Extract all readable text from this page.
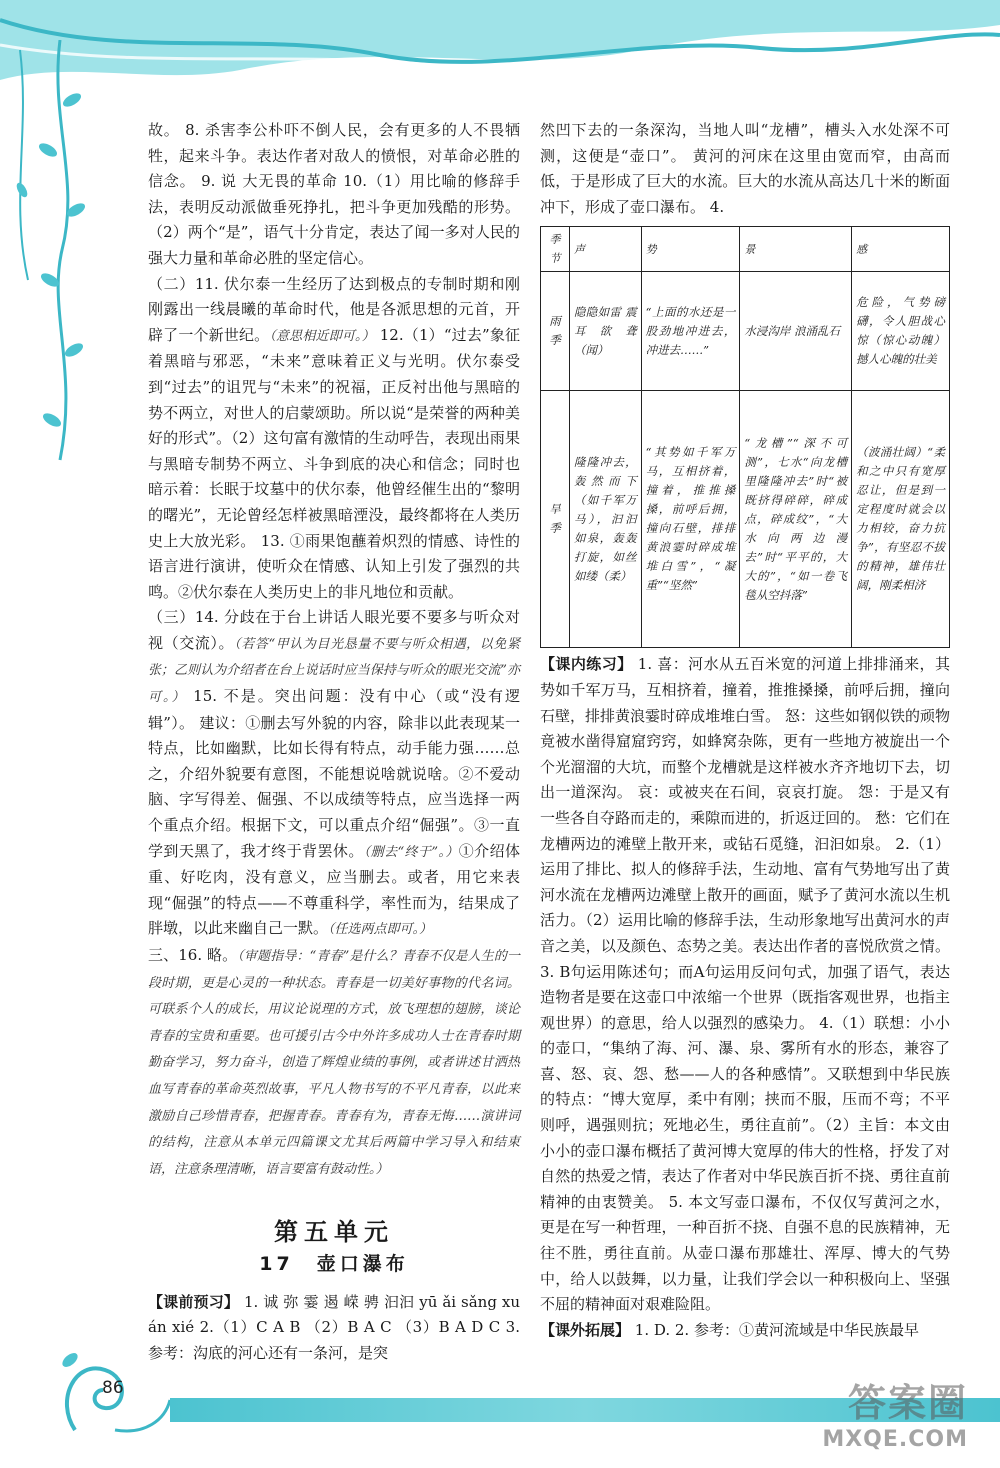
故。 8. 杀害李公朴吓不倒人民，会有更多的人不畏牺牲，起来斗争。表达作者对敌人的愤恨，对革命必胜的信念。 9. 说 大无畏的革命 10.（1）用比喻的修辞手法，表明反动派做垂死挣扎，把斗争更加残酷的形势。（2）两个“是”，语气十分肯定，表达了闻一多对人民的强大力量和革命必胜的坚定信心。

（二）11. 伏尔泰一生经历了达到极点的专制时期和刚刚露出一线晨曦的革命时代，他是各派思想的元首，开辟了一个新世纪。（意思相近即可。） 12.（1）“过去”象征着黑暗与邪恶，“未来”意味着正义与光明。伏尔泰受到“过去”的诅咒与“未来”的祝福，正反衬出他与黑暗的势不两立，对世人的启蒙颂助。所以说“是荣誉的两种美好的形式”。（2）这句富有激情的生动呼告，表现出雨果与黑暗专制势不两立、斗争到底的决心和信念；同时也暗示着：长眠于坟墓中的伏尔泰，他曾经催生出的“黎明的曙光”，无论曾经怎样被黑暗湮没，最终都将在人类历史上大放光彩。 13. ①雨果饱蘸着炽烈的情感、诗性的语言进行演讲，使听众在情感、认知上引发了强烈的共鸣。②伏尔泰在人类历史上的非凡地位和贡献。

（三）14. 分歧在于台上讲话人眼光要不要多与听众对视（交流）。（若答“甲认为目光恳量不要与听众相遇，以免紧张；乙则认为介绍者在台上说话时应当保持与听众的眼光交流”亦可。） 15. 不是。突出问题：没有中心（或“没有逻辑”）。 建议：①删去写外貌的内容，除非以此表现某一特点，比如幽默，比如长得有特点，动手能力强……总之，介绍外貌要有意图，不能想说啥就说啥。②不爱动脑、字写得差、倔强、不以成绩等特点，应当选择一两个重点介绍。根据下文，可以重点介绍“倔强”。③一直学到天黑了，我才终于背罢休。（删去“终于”。）①介绍体重、好吃肉，没有意义，应当删去。或者，用它来表现“倔强”的特点——不尊重科学，率性而为，结果成了胖墩，以此来幽自己一默。（任选两点即可。）

三、16. 略。（审题指导：“青春”是什么？青春不仅是人生的一段时期，更是心灵的一种状态。青春是一切美好事物的代名词。可联系个人的成长，用议论说理的方式，放飞理想的翅膀，谈论青春的宝贵和重要。也可援引古今中外许多成功人士在青春时期勤奋学习，努力奋斗，创造了辉煌业绩的事例，或者讲述甘洒热血写青春的革命英烈故事，平凡人物书写的不平凡青春，以此来激励自己珍惜青春，把握青春。青春有为，青春无悔……演讲词的结构，注意从本单元四篇课文尤其后两篇中学习导入和结束语，注意条理清晰，语言要富有鼓动性。）

第五单元
17　壶口瀑布

【课前预习】 1. 诚 弥 霎 遏 嵘 骋 汩汩 yū ǎi sǎng xuán xié 2.（1）C A B （2）B A C （3）B A D C 3. 参考：沟底的河心还有一条河，是突

然凹下去的一条深沟，当地人叫“龙槽”，槽头入水处深不可测，这便是“壶口”。 黄河的河床在这里由宽而窄，由高而低，于是形成了巨大的水流。巨大的水流从高达几十米的断面冲下，形成了壶口瀑布。 4.

季节	声	势	景	感
雨季	隐隐如雷 震耳欲聋 （闻）	“上面的水还是一股劲地冲进去，冲进去……”	水浸沟岸 浪涌乱石	危险，气势磅礴，令人胆战心惊（惊心动魄）撼人心魄的壮美
旱季	隆隆冲去，轰然而下（如千军万马），汩汩如泉，轰轰打旋，如丝如缕（柔）	“其势如千军万马，互相挤着，撞着，推推搡搡，前呼后拥，撞向石壁，排排黄浪霎时碎成堆堆白雪”，“凝重”“坚然”	“龙槽”“深不可测”，七水“向龙槽里隆隆冲去”时“被既挤得碎碎，碎成点，碎成纹”，“大水向两边漫去”时“平平的，大大的”，“如一卷飞毯从空抖落”	（波涌壮阔）“柔和之中只有宽厚忍让，但是到一定程度时就会以力相较，奋力抗争”，有坚忍不拔的精神，雄伟壮阔，刚柔相济

【课内练习】 1. 喜：河水从五百米宽的河道上排排涌来，其势如千军万马，互相挤着，撞着，推推搡搡，前呼后拥，撞向石壁，排排黄浪霎时碎成堆堆白雪。 怒：这些如钢似铁的顽物竟被水凿得窟窟窍窍，如蜂窝杂陈，更有一些地方被旋出一个个光溜溜的大坑，而整个龙槽就是这样被水齐齐地切下去，切出一道深沟。 哀：或被夹在石间，哀哀打旋。 怨：于是又有一些各自夺路而走的，乘隙而进的，折返迂回的。 愁：它们在龙槽两边的滩壁上散开来，或钻石觅缝，汩汩如泉。 2.（1）运用了排比、拟人的修辞手法，生动地、富有气势地写出了黄河水流在龙槽两边滩壁上散开的画面，赋予了黄河水流以生机活力。（2）运用比喻的修辞手法，生动形象地写出黄河水的声音之美，以及颜色、态势之美。表达出作者的喜悦欣赏之情。 3. B句运用陈述句；而A句运用反问句式，加强了语气，表达造物者是要在这壶口中浓缩一个世界（既指客观世界，也指主观世界）的意思，给人以强烈的感染力。 4.（1）联想：小小的壶口，“集纳了海、河、瀑、泉、雾所有水的形态，兼容了喜、怒、哀、怨、愁——人的各种感情”。又联想到中华民族的特点：“博大宽厚，柔中有刚；挟而不服，压而不弯；不平则呼，遇强则抗；死地必生，勇往直前”。（2）主旨：本文由小小的壶口瀑布概括了黄河博大宽厚的伟大的性格，抒发了对自然的热爱之情，表达了作者对中华民族百折不挠、勇往直前精神的由衷赞美。 5. 本文写壶口瀑布，不仅仅写黄河之水，更是在写一种哲理，一种百折不挠、自强不息的民族精神，无往不胜，勇往直前。从壶口瀑布那雄壮、浑厚、博大的气势中，给人以鼓舞，以力量，让我们学会以一种积极向上、坚强不屈的精神面对艰难险阻。

【课外拓展】 1. D. 2. 参考：①黄河流域是中华民族最早

86	答案圈
MXQE.COM
